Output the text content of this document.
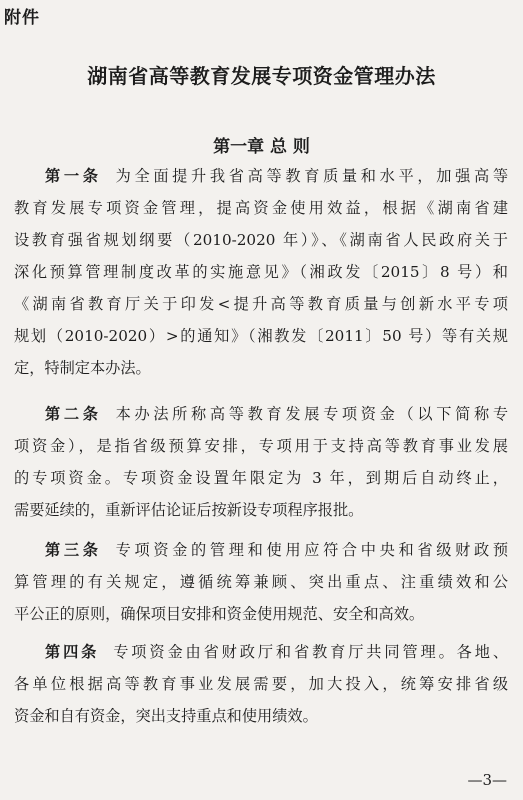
附件
湖南省高等教育发展专项资金管理办法
第一章 总 则
第一条 为全面提升我省高等教育质量和水平，加强高等
教育发展专项资金管理，提高资金使用效益，根据《湖南省建
设教育强省规划纲要（2010-2020 年）》、《湖南省人民政府关于
深化预算管理制度改革的实施意见》（湘政发〔2015〕8 号）和
《湖南省教育厅关于印发<提升高等教育质量与创新水平专项
规划（2010-2020）>的通知》（湘教发〔2011〕50 号）等有关规
定，特制定本办法。
第二条 本办法所称高等教育发展专项资金（以下简称专
项资金），是指省级预算安排，专项用于支持高等教育事业发展
的专项资金。专项资金设置年限定为 3 年，到期后自动终止，
需要延续的，重新评估论证后按新设专项程序报批。
第三条 专项资金的管理和使用应符合中央和省级财政预
算管理的有关规定，遵循统筹兼顾、突出重点、注重绩效和公
平公正的原则，确保项目安排和资金使用规范、安全和高效。
第四条 专项资金由省财政厅和省教育厅共同管理。各地、
各单位根据高等教育事业发展需要，加大投入，统筹安排省级
资金和自有资金，突出支持重点和使用绩效。
—3—
